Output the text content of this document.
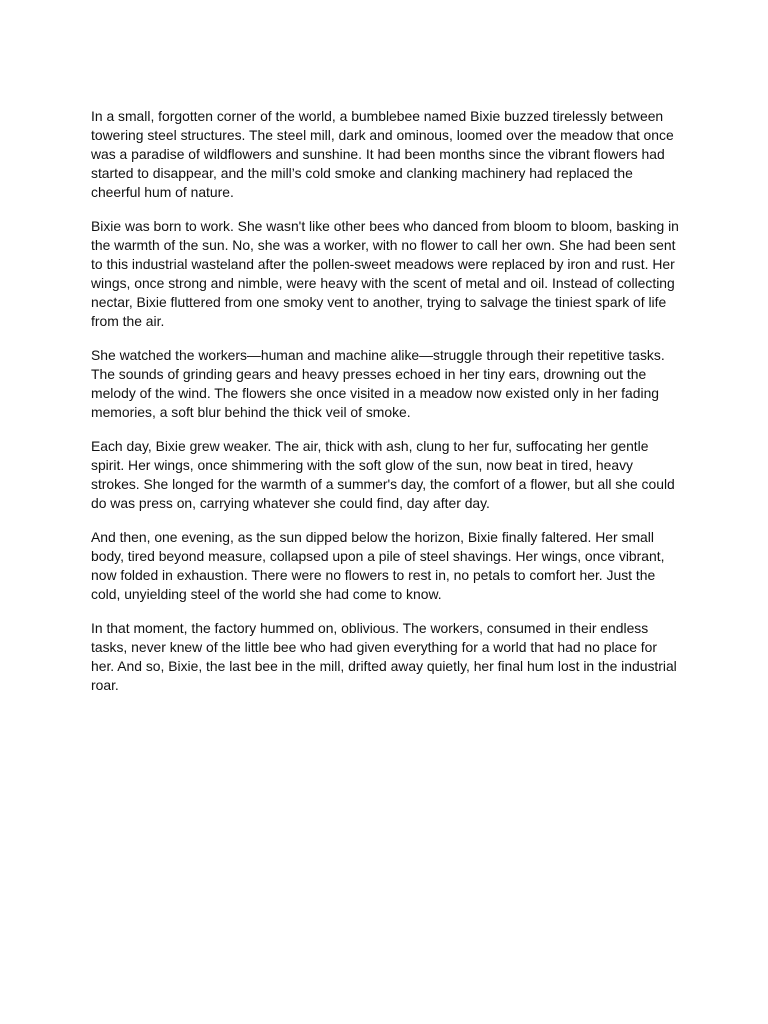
In a small, forgotten corner of the world, a bumblebee named Bixie buzzed tirelessly between towering steel structures. The steel mill, dark and ominous, loomed over the meadow that once was a paradise of wildflowers and sunshine. It had been months since the vibrant flowers had started to disappear, and the mill’s cold smoke and clanking machinery had replaced the cheerful hum of nature.

Bixie was born to work. She wasn't like other bees who danced from bloom to bloom, basking in the warmth of the sun. No, she was a worker, with no flower to call her own. She had been sent to this industrial wasteland after the pollen-sweet meadows were replaced by iron and rust. Her wings, once strong and nimble, were heavy with the scent of metal and oil. Instead of collecting nectar, Bixie fluttered from one smoky vent to another, trying to salvage the tiniest spark of life from the air.

She watched the workers—human and machine alike—struggle through their repetitive tasks. The sounds of grinding gears and heavy presses echoed in her tiny ears, drowning out the melody of the wind. The flowers she once visited in a meadow now existed only in her fading memories, a soft blur behind the thick veil of smoke.

Each day, Bixie grew weaker. The air, thick with ash, clung to her fur, suffocating her gentle spirit. Her wings, once shimmering with the soft glow of the sun, now beat in tired, heavy strokes. She longed for the warmth of a summer's day, the comfort of a flower, but all she could do was press on, carrying whatever she could find, day after day.

And then, one evening, as the sun dipped below the horizon, Bixie finally faltered. Her small body, tired beyond measure, collapsed upon a pile of steel shavings. Her wings, once vibrant, now folded in exhaustion. There were no flowers to rest in, no petals to comfort her. Just the cold, unyielding steel of the world she had come to know.

In that moment, the factory hummed on, oblivious. The workers, consumed in their endless tasks, never knew of the little bee who had given everything for a world that had no place for her. And so, Bixie, the last bee in the mill, drifted away quietly, her final hum lost in the industrial roar.
